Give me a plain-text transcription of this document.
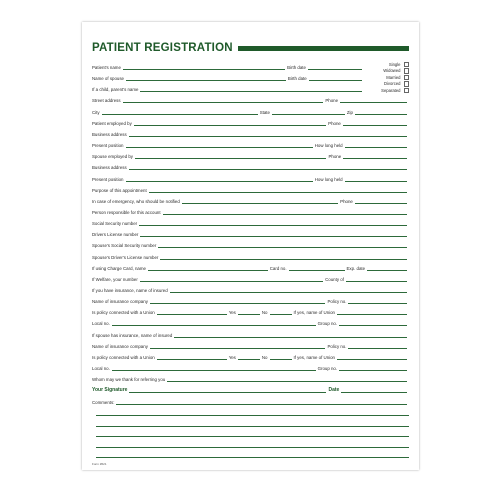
PATIENT REGISTRATION
Single
Widowed
Married
Divorced
Separated
Patient's name	Birth date
Name of spouse	Birth date
If a child, parent's name
Street address	Phone
City	State	Zip
Patient employed by	Phone
Business address
Present position	How long held
Spouse employed by	Phone
Business address
Present position	How long held
Purpose of this appointment
In case of emergency, who should be notified	Phone
Person responsible for this account
Social Security number
Drivers License number
Spouse's Social Security number
Spouse's Driver's License number
If using Charge Card, name	Card no.	Exp. date
If Welfare, your number	County of
If you have insurance, name of insured
Name of insurance company	Policy no.
Is policy connected with a Union	Yes	No	If yes, name of Union
Local no.	Group no.
If spouse has insurance, name of insured
Name of insurance company	Policy no.
Is policy connected with a Union	Yes	No	If yes, name of Union
Local no.	Group no.
Whom may we thank for referring you
Your Signature	Date
Comments:
Form #621
